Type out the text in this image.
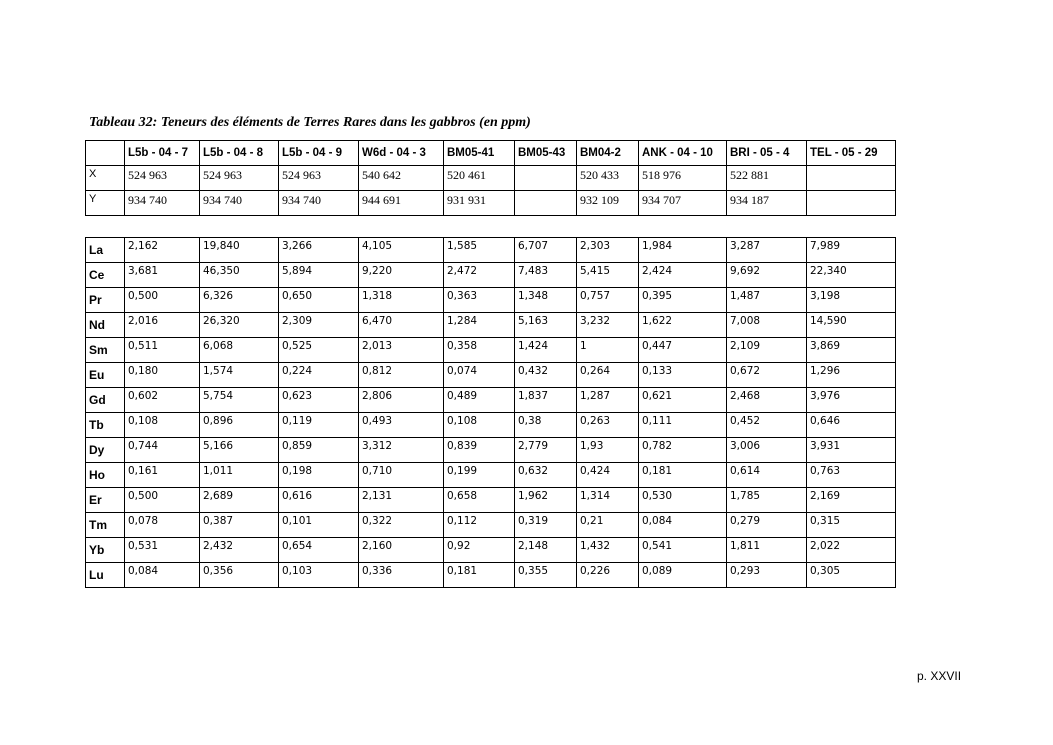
Tableau 32: Teneurs des éléments de Terres Rares dans les gabbros (en ppm)
	L5b - 04 - 7	L5b - 04 - 8	L5b - 04 - 9	W6d - 04 - 3	BM05-41	BM05-43	BM04-2	ANK - 04 - 10	BRI - 05 - 4	TEL - 05 - 29
X	524 963	524 963	524 963	540 642	520 461		520 433	518 976	522 881	
Y	934 740	934 740	934 740	944 691	931 931		932 109	934 707	934 187	
La	2,162	19,840	3,266	4,105	1,585	6,707	2,303	1,984	3,287	7,989
Ce	3,681	46,350	5,894	9,220	2,472	7,483	5,415	2,424	9,692	22,340
Pr	0,500	6,326	0,650	1,318	0,363	1,348	0,757	0,395	1,487	3,198
Nd	2,016	26,320	2,309	6,470	1,284	5,163	3,232	1,622	7,008	14,590
Sm	0,511	6,068	0,525	2,013	0,358	1,424	1	0,447	2,109	3,869
Eu	0,180	1,574	0,224	0,812	0,074	0,432	0,264	0,133	0,672	1,296
Gd	0,602	5,754	0,623	2,806	0,489	1,837	1,287	0,621	2,468	3,976
Tb	0,108	0,896	0,119	0,493	0,108	0,38	0,263	0,111	0,452	0,646
Dy	0,744	5,166	0,859	3,312	0,839	2,779	1,93	0,782	3,006	3,931
Ho	0,161	1,011	0,198	0,710	0,199	0,632	0,424	0,181	0,614	0,763
Er	0,500	2,689	0,616	2,131	0,658	1,962	1,314	0,530	1,785	2,169
Tm	0,078	0,387	0,101	0,322	0,112	0,319	0,21	0,084	0,279	0,315
Yb	0,531	2,432	0,654	2,160	0,92	2,148	1,432	0,541	1,811	2,022
Lu	0,084	0,356	0,103	0,336	0,181	0,355	0,226	0,089	0,293	0,305
p. XXVII
